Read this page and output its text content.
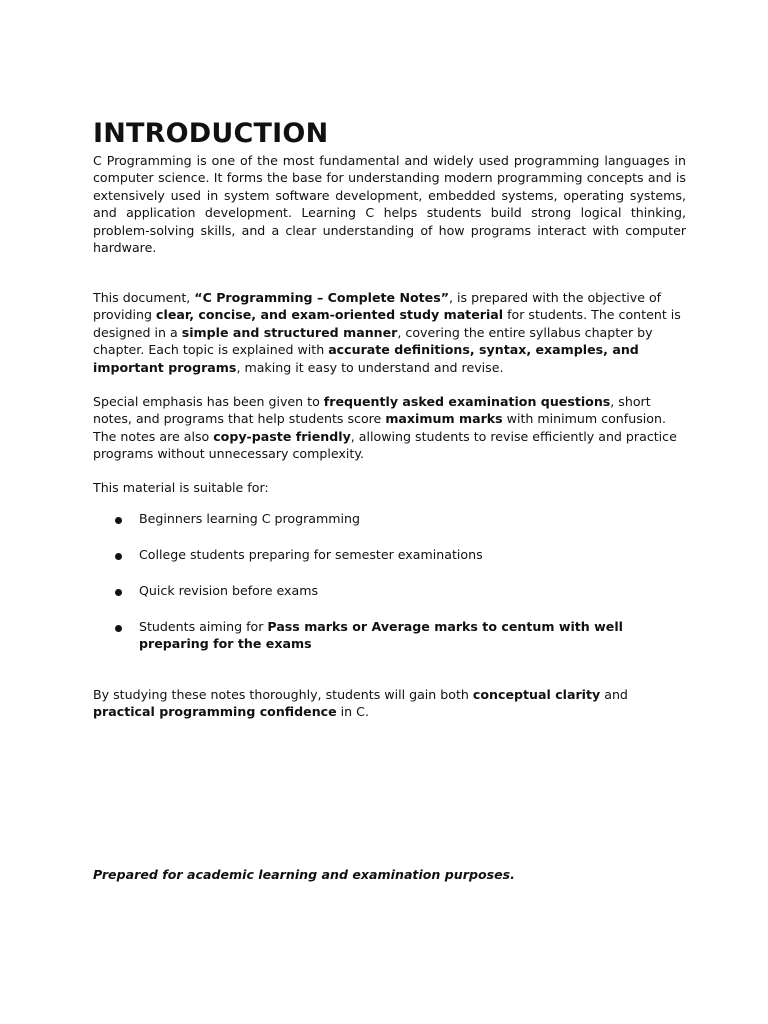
INTRODUCTION

C Programming is one of the most fundamental and widely used programming languages in computer science. It forms the base for understanding modern programming concepts and is extensively used in system software development, embedded systems, operating systems, and application development. Learning C helps students build strong logical thinking, problem-solving skills, and a clear understanding of how programs interact with computer hardware.

This document, “C Programming – Complete Notes”, is prepared with the objective of providing clear, concise, and exam-oriented study material for students. The content is designed in a simple and structured manner, covering the entire syllabus chapter by chapter. Each topic is explained with accurate definitions, syntax, examples, and important programs, making it easy to understand and revise.

Special emphasis has been given to frequently asked examination questions, short notes, and programs that help students score maximum marks with minimum confusion. The notes are also copy-paste friendly, allowing students to revise efficiently and practice programs without unnecessary complexity.

This material is suitable for:

Beginners learning C programming
College students preparing for semester examinations
Quick revision before exams
Students aiming for Pass marks or Average marks to centum with well preparing for the exams

By studying these notes thoroughly, students will gain both conceptual clarity and practical programming confidence in C.

Prepared for academic learning and examination purposes.
